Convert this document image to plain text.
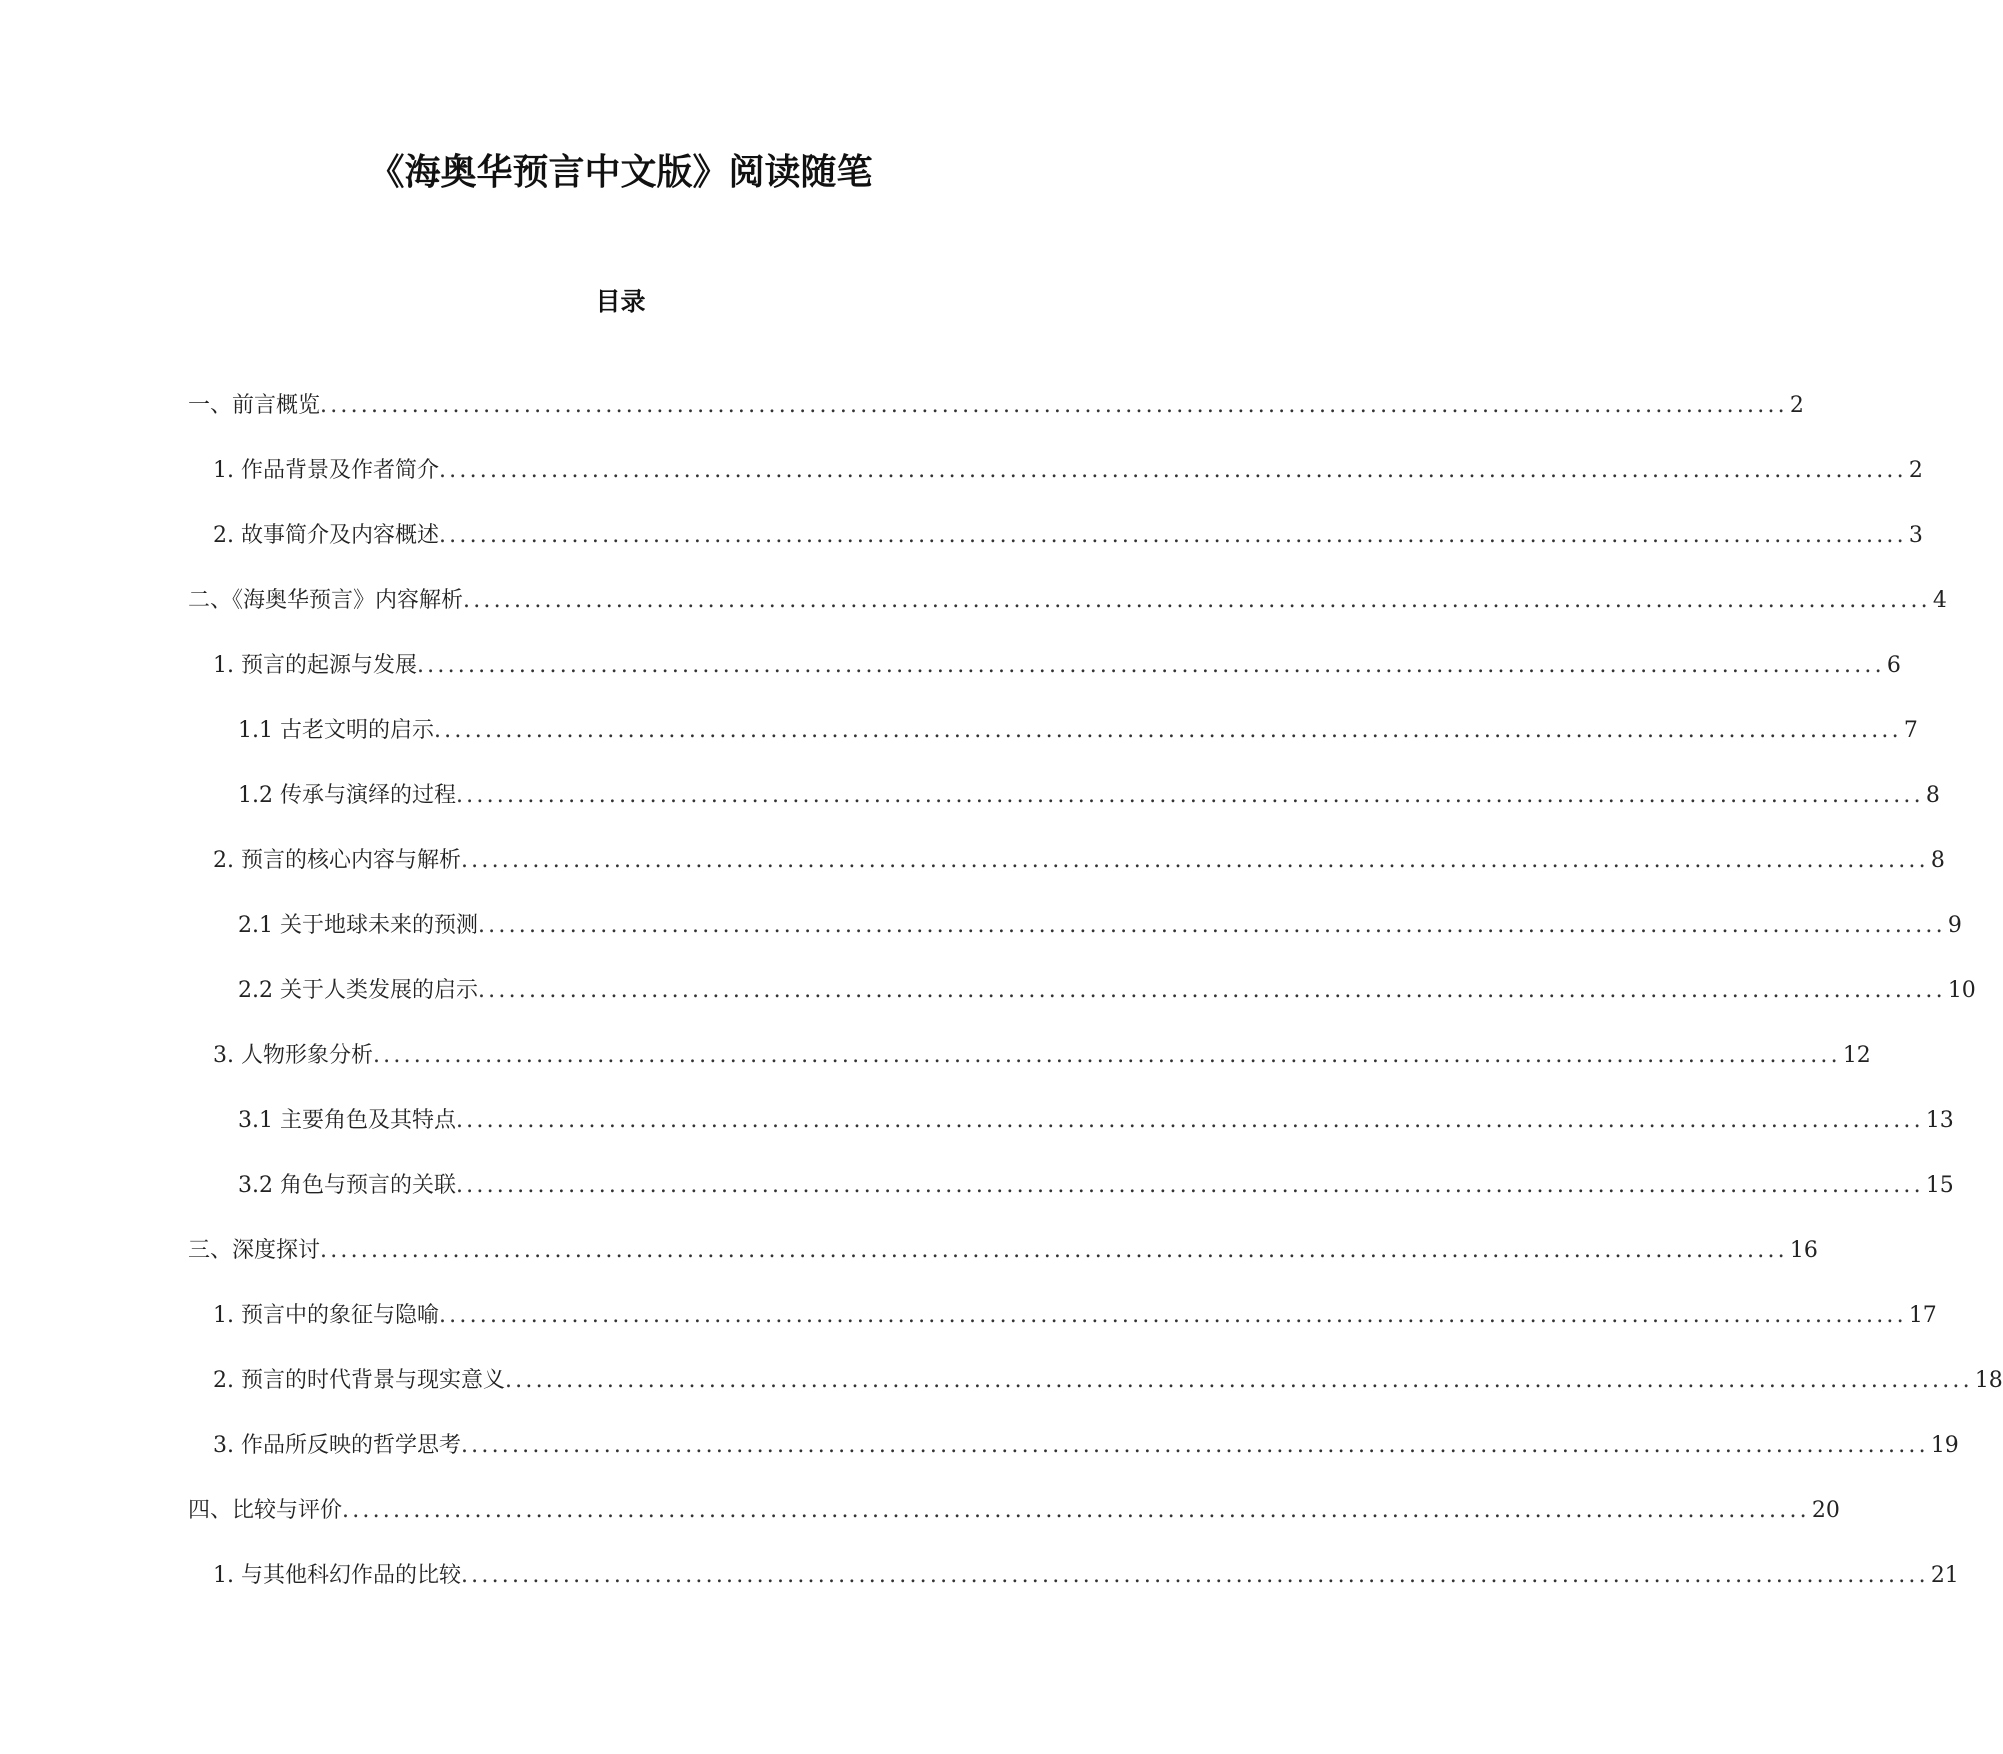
《海奥华预言中文版》阅读随笔
目录
一、前言概览 ................................................................................................................................................ 2
1. 作品背景及作者简介 ................................................................................................................................................ 2
2. 故事简介及内容概述 ................................................................................................................................................ 3
二、《海奥华预言》内容解析 ................................................................................................................................................ 4
1. 预言的起源与发展 ................................................................................................................................................ 6
1.1 古老文明的启示 ................................................................................................................................................ 7
1.2 传承与演绎的过程 ................................................................................................................................................ 8
2. 预言的核心内容与解析 ................................................................................................................................................ 8
2.1 关于地球未来的预测 ................................................................................................................................................ 9
2.2 关于人类发展的启示 ................................................................................................................................................ 10
3. 人物形象分析 ................................................................................................................................................ 12
3.1 主要角色及其特点 ................................................................................................................................................ 13
3.2 角色与预言的关联 ................................................................................................................................................ 15
三、深度探讨 ................................................................................................................................................ 16
1. 预言中的象征与隐喻 ................................................................................................................................................ 17
2. 预言的时代背景与现实意义 ................................................................................................................................................ 18
3. 作品所反映的哲学思考 ................................................................................................................................................ 19
四、比较与评价 ................................................................................................................................................ 20
1. 与其他科幻作品的比较 ................................................................................................................................................ 21
